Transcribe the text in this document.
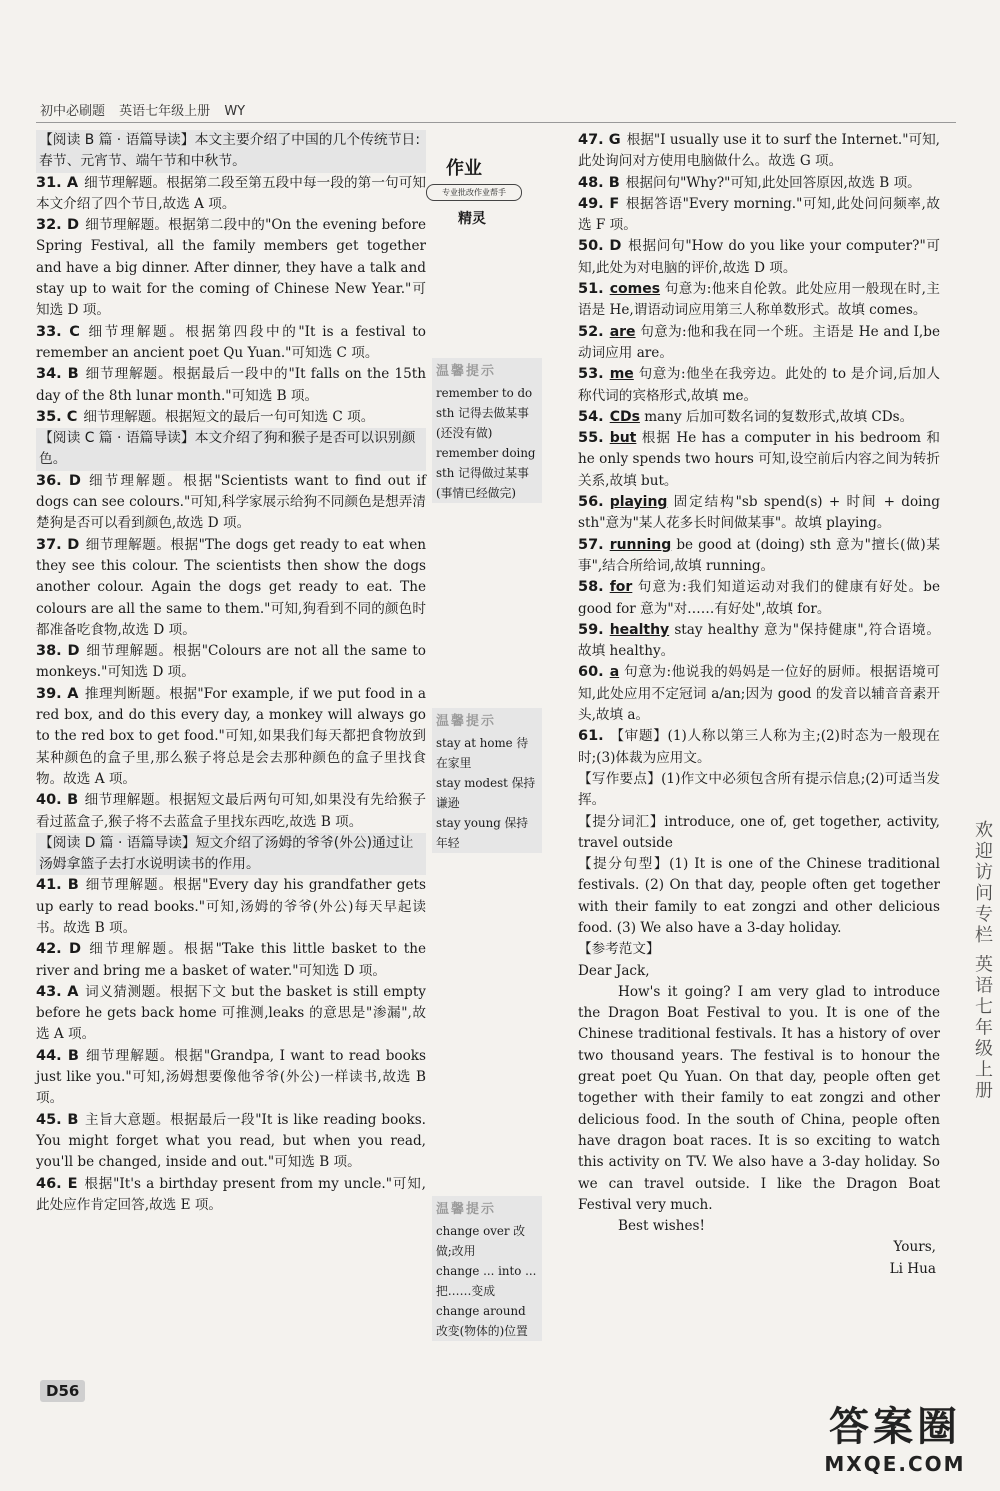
初中必刷题 英语七年级上册 WY
作业
专业批改作业帮手
精灵

【阅读 B 篇 · 语篇导读】本文主要介绍了中国的几个传统节日:春节、元宵节、端午节和中秋节。

31. A 细节理解题。根据第二段至第五段中每一段的第一句可知本文介绍了四个节日,故选 A 项。

32. D 细节理解题。根据第二段中的"On the evening before Spring Festival, all the family members get together and have a big dinner. After dinner, they have a talk and stay up to wait for the coming of Chinese New Year."可知选 D 项。

33. C 细节理解题。根据第四段中的"It is a festival to remember an ancient poet Qu Yuan."可知选 C 项。

34. B 细节理解题。根据最后一段中的"It falls on the 15th day of the 8th lunar month."可知选 B 项。

35. C 细节理解题。根据短文的最后一句可知选 C 项。

【阅读 C 篇 · 语篇导读】本文介绍了狗和猴子是否可以识别颜色。

36. D 细节理解题。根据"Scientists want to find out if dogs can see colours."可知,科学家展示给狗不同颜色是想弄清楚狗是否可以看到颜色,故选 D 项。

37. D 细节理解题。根据"The dogs get ready to eat when they see this colour. The scientists then show the dogs another colour. Again the dogs get ready to eat. The colours are all the same to them."可知,狗看到不同的颜色时都准备吃食物,故选 D 项。

38. D 细节理解题。根据"Colours are not all the same to monkeys."可知选 D 项。

39. A 推理判断题。根据"For example, if we put food in a red box, and do this every day, a monkey will always go to the red box to get food."可知,如果我们每天都把食物放到某种颜色的盒子里,那么猴子将总是会去那种颜色的盒子里找食物。故选 A 项。

40. B 细节理解题。根据短文最后两句可知,如果没有先给猴子看过蓝盒子,猴子将不去蓝盒子里找东西吃,故选 B 项。

【阅读 D 篇 · 语篇导读】短文介绍了汤姆的爷爷(外公)通过让汤姆拿篮子去打水说明读书的作用。

41. B 细节理解题。根据"Every day his grandfather gets up early to read books."可知,汤姆的爷爷(外公)每天早起读书。故选 B 项。

42. D 细节理解题。根据"Take this little basket to the river and bring me a basket of water."可知选 D 项。

43. A 词义猜测题。根据下文 but the basket is still empty before he gets back home 可推测,leaks 的意思是"渗漏",故选 A 项。

44. B 细节理解题。根据"Grandpa, I want to read books just like you."可知,汤姆想要像他爷爷(外公)一样读书,故选 B 项。

45. B 主旨大意题。根据最后一段"It is like reading books. You might forget what you read, but when you read, you'll be changed, inside and out."可知选 B 项。

46. E 根据"It's a birthday present from my uncle."可知,此处应作肯定回答,故选 E 项。

温馨提示

remember to do sth 记得去做某事(还没有做)

remember doing sth 记得做过某事(事情已经做完)

温馨提示

stay at home 待在家里

stay modest 保持谦逊

stay young 保持年轻

温馨提示

change over 改做;改用

change ... into ... 把……变成

change around 改变(物体的)位置

47. G 根据"I usually use it to surf the Internet."可知,此处询问对方使用电脑做什么。故选 G 项。

48. B 根据问句"Why?"可知,此处回答原因,故选 B 项。

49. F 根据答语"Every morning."可知,此处问问频率,故选 F 项。

50. D 根据问句"How do you like your computer?"可知,此处为对电脑的评价,故选 D 项。

51. comes 句意为:他来自伦敦。此处应用一般现在时,主语是 He,谓语动词应用第三人称单数形式。故填 comes。

52. are 句意为:他和我在同一个班。主语是 He and I,be 动词应用 are。

53. me 句意为:他坐在我旁边。此处的 to 是介词,后加人称代词的宾格形式,故填 me。

54. CDs many 后加可数名词的复数形式,故填 CDs。

55. but 根据 He has a computer in his bedroom 和 he only spends two hours 可知,设空前后内容之间为转折关系,故填 but。

56. playing 固定结构"sb spend(s) + 时间 + doing sth"意为"某人花多长时间做某事"。故填 playing。

57. running be good at (doing) sth 意为"擅长(做)某事",结合所给词,故填 running。

58. for 句意为:我们知道运动对我们的健康有好处。be good for 意为"对……有好处",故填 for。

59. healthy stay healthy 意为"保持健康",符合语境。故填 healthy。

60. a 句意为:他说我的妈妈是一位好的厨师。根据语境可知,此处应用不定冠词 a/an;因为 good 的发音以辅音音素开头,故填 a。

61. 【审题】(1)人称以第三人称为主;(2)时态为一般现在时;(3)体裁为应用文。

【写作要点】(1)作文中必须包含所有提示信息;(2)可适当发挥。

【提分词汇】introduce, one of, get together, activity, travel outside

【提分句型】(1) It is one of the Chinese traditional festivals. (2) On that day, people often get together with their family to eat zongzi and other delicious food. (3) We also have a 3-day holiday.

【参考范文】

Dear Jack,

How's it going? I am very glad to introduce the Dragon Boat Festival to you. It is one of the Chinese traditional festivals. It has a history of over two thousand years. The festival is to honour the great poet Qu Yuan. On that day, people often get together with their family to eat zongzi and other delicious food. In the south of China, people often have dragon boat races. It is so exciting to watch this activity on TV. We also have a 3-day holiday. So we can travel outside. I like the Dragon Boat Festival very much.

Best wishes!

Yours,

Li Hua

欢迎访问专栏 英语七年级上册
D56
答案圈
MXQE.COM
